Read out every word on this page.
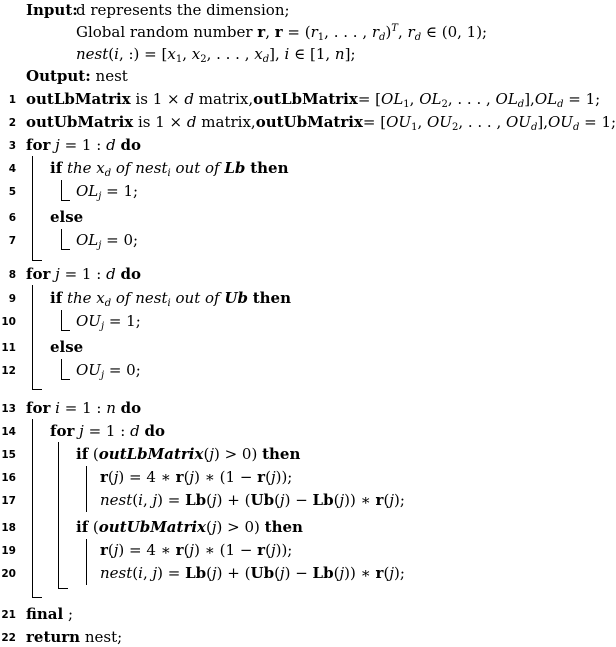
Input:
d represents the dimension;
Global random number r, $r = (r_1$, . . . , $r_d)^T$, $r_d$ ∈ (0, 1);
nest(i, :) = [$x_1$, $x_2$, . . . , $x_d$], i ∈ [1, n];
Output: nest
1
2
3
4
5
6
7
8
9
10
11
12
13
14
15
16
17
18
19
20
21
22
outLbMatrix is 1 × d matrix,outLbMatrix= [$OL_1$, $OL_2$, . . . , $OL_d],OL_d = 1$;
outUbMatrix is 1 × d matrix,outUbMatrix= [$OU_1$, $OU_2$, . . . , $OU_d],OU_d = 1$;
for j = 1 : d do
if the $x_d$ of nest$_i$ out of Lb then
$OL_j = 1$;
else
$OL_j = 0$;
for j = 1 : d do
if the $x_d$ of nest$_i$ out of Ub then
$OU_j = 1$;
else
$OU_j = 0$;
for i = 1 : n do
for j = 1 : d do
if (outLbMatrix(j) > 0) then
r(j) = 4 ∗ r(j) ∗ (1 − r(j));
nest(i, j) = Lb(j) + (Ub(j) − Lb(j)) ∗ r(j);
if (outUbMatrix(j) > 0) then
r(j) = 4 ∗ r(j) ∗ (1 − r(j));
nest(i, j) = Lb(j) + (Ub(j) − Lb(j)) ∗ r(j);
final ;
return nest;
